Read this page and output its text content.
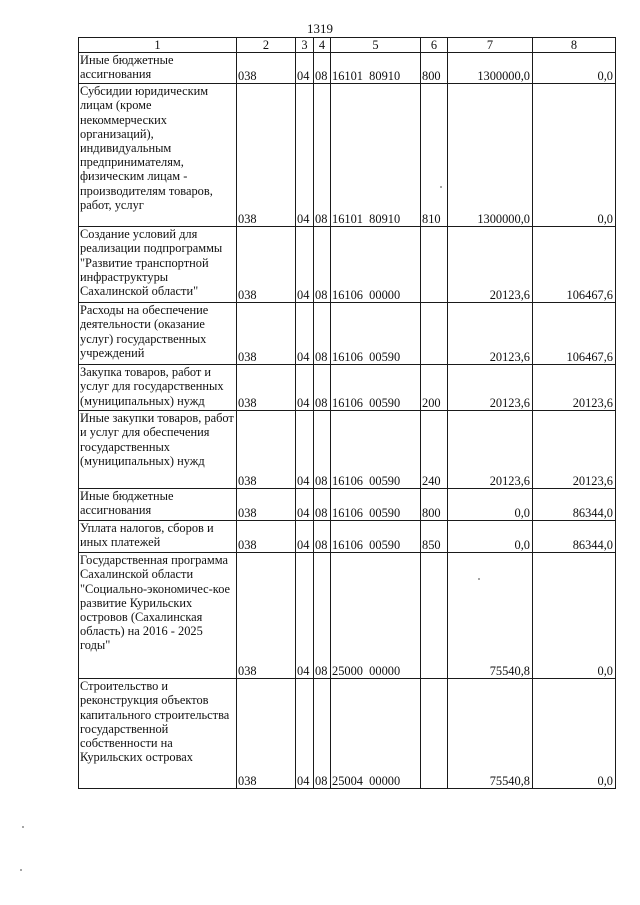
1319
1	2	3	4	5	6	7	8
Иные бюджетные ассигнования	038	04	08	16101  80910	800	1300000,0	0,0
Субсидии юридическим лицам (кроме некоммерческих организаций), индивидуальным предпринимателям, физическим лицам - производителям товаров, работ, услуг	038	04	08	16101  80910	810	1300000,0	0,0
Создание условий для реализации подпрограммы "Развитие транспортной инфраструктуры Сахалинской области"	038	04	08	16106  00000		20123,6	106467,6
Расходы на обеспечение деятельности (оказание услуг) государственных учреждений	038	04	08	16106  00590		20123,6	106467,6
Закупка товаров, работ и услуг для государственных (муниципальных) нужд	038	04	08	16106  00590	200	20123,6	20123,6
Иные закупки товаров, работ и услуг для обеспечения государственных (муниципальных) нужд	038	04	08	16106  00590	240	20123,6	20123,6
Иные бюджетные ассигнования	038	04	08	16106  00590	800	0,0	86344,0
Уплата налогов, сборов и иных платежей	038	04	08	16106  00590	850	0,0	86344,0
Государственная программа Сахалинской области "Социально-экономичес-кое развитие Курильских островов (Сахалинская область) на 2016 - 2025 годы"	038	04	08	25000  00000		75540,8	0,0
Строительство и реконструкция объектов капитального строительства государственной собственности на Курильских островах	038	04	08	25004  00000		75540,8	0,0
